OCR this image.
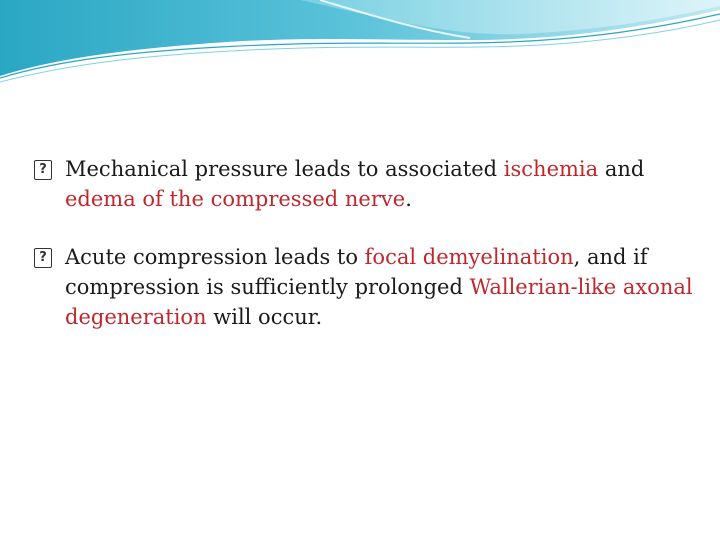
?
Mechanical pressure leads to associated ischemia and edema of the compressed nerve.

?
Acute compression leads to focal demyelination, and if compression is sufficiently prolonged Wallerian-like axonal degeneration will occur.
